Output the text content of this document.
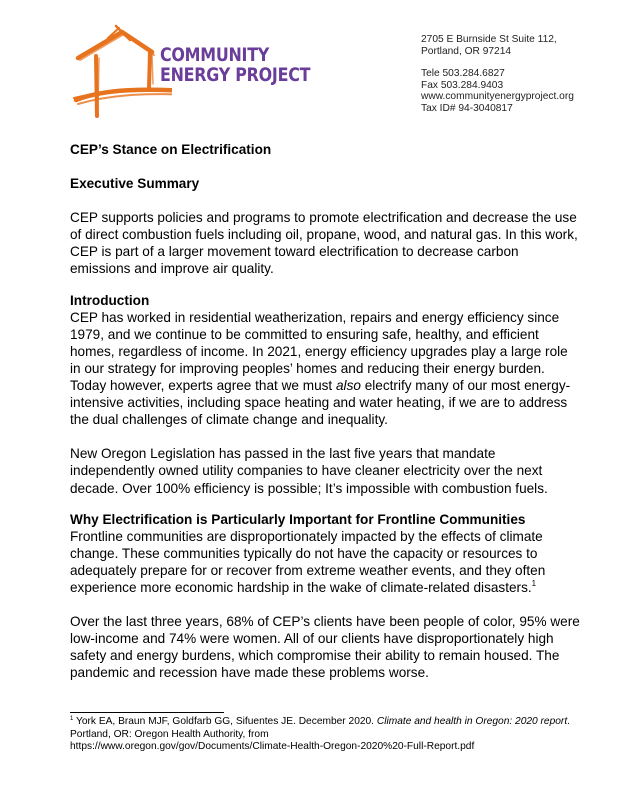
COMMUNITY
ENERGY PROJECT
2705 E Burnside St Suite 112,
Portland, OR 97214
Tele 503.284.6827
Fax 503.284.9403
www.communityenergyproject.org
Tax ID# 94-3040817
CEP’s Stance on Electrification
Executive Summary

CEP supports policies and programs to promote electrification and decrease the use of direct combustion fuels including oil, propane, wood, and natural gas. In this work, CEP is part of a larger movement toward electrification to decrease carbon emissions and improve air quality.

Introduction

CEP has worked in residential weatherization, repairs and energy efficiency since 1979, and we continue to be committed to ensuring safe, healthy, and efficient homes, regardless of income. In 2021, energy efficiency upgrades play a large role in our strategy for improving peoples’ homes and reducing their energy burden. Today however, experts agree that we must also electrify many of our most energy-intensive activities, including space heating and water heating, if we are to address the dual challenges of climate change and inequality.

New Oregon Legislation has passed in the last five years that mandate independently owned utility companies to have cleaner electricity over the next decade. Over 100% efficiency is possible; It’s impossible with combustion fuels.

Why Electrification is Particularly Important for Frontline Communities

Frontline communities are disproportionately impacted by the effects of climate change. These communities typically do not have the capacity or resources to adequately prepare for or recover from extreme weather events, and they often experience more economic hardship in the wake of climate-related disasters.$^1$

Over the last three years, 68% of CEP’s clients have been people of color, 95% were low-income and 74% were women. All of our clients have disproportionately high safety and energy burdens, which compromise their ability to remain housed. The pandemic and recession have made these problems worse.

$^1$ York EA, Braun MJF, Goldfarb GG, Sifuentes JE. December 2020. Climate and health in Oregon: 2020 report. Portland, OR: Oregon Health Authority, from
https://www.oregon.gov/gov/Documents/Climate-Health-Oregon-2020%20-Full-Report.pdf
